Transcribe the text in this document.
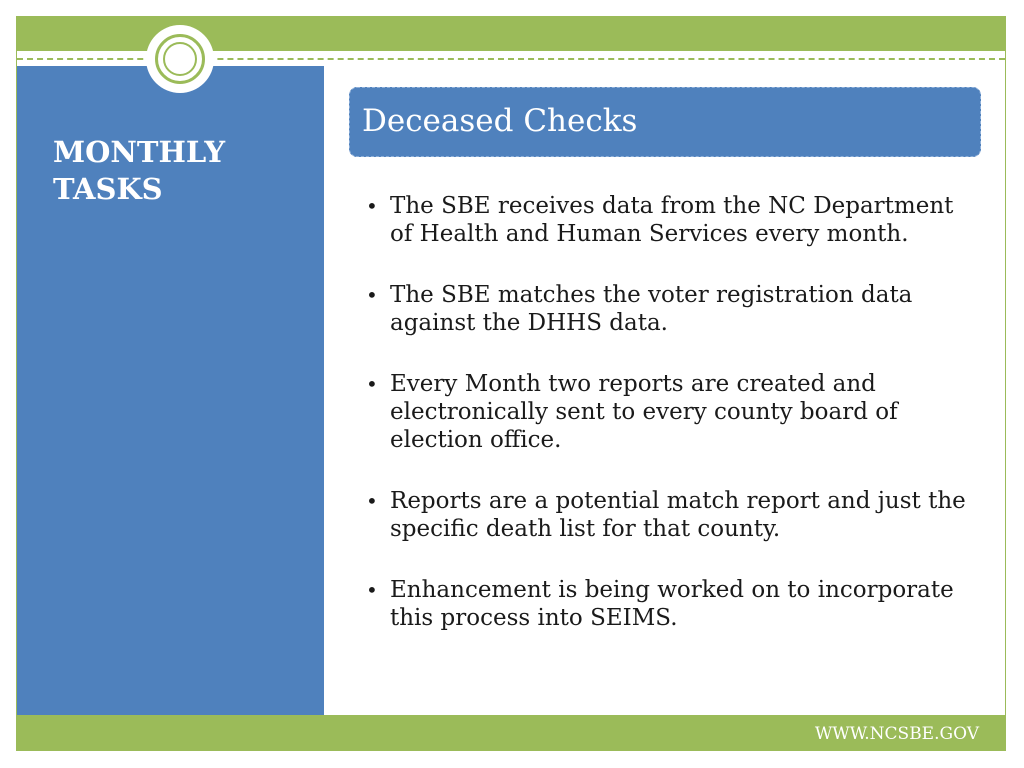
MONTHLY
TASKS
Deceased Checks
• The SBE receives data from the NC Department of Health and Human Services every month.
• The SBE matches the voter registration data against the DHHS data.
• Every Month two reports are created and electronically sent to every county board of election office.
• Reports are a potential match report and just the specific death list for that county.
• Enhancement is being worked on to incorporate this process into SEIMS.
WWW.NCSBE.GOV
